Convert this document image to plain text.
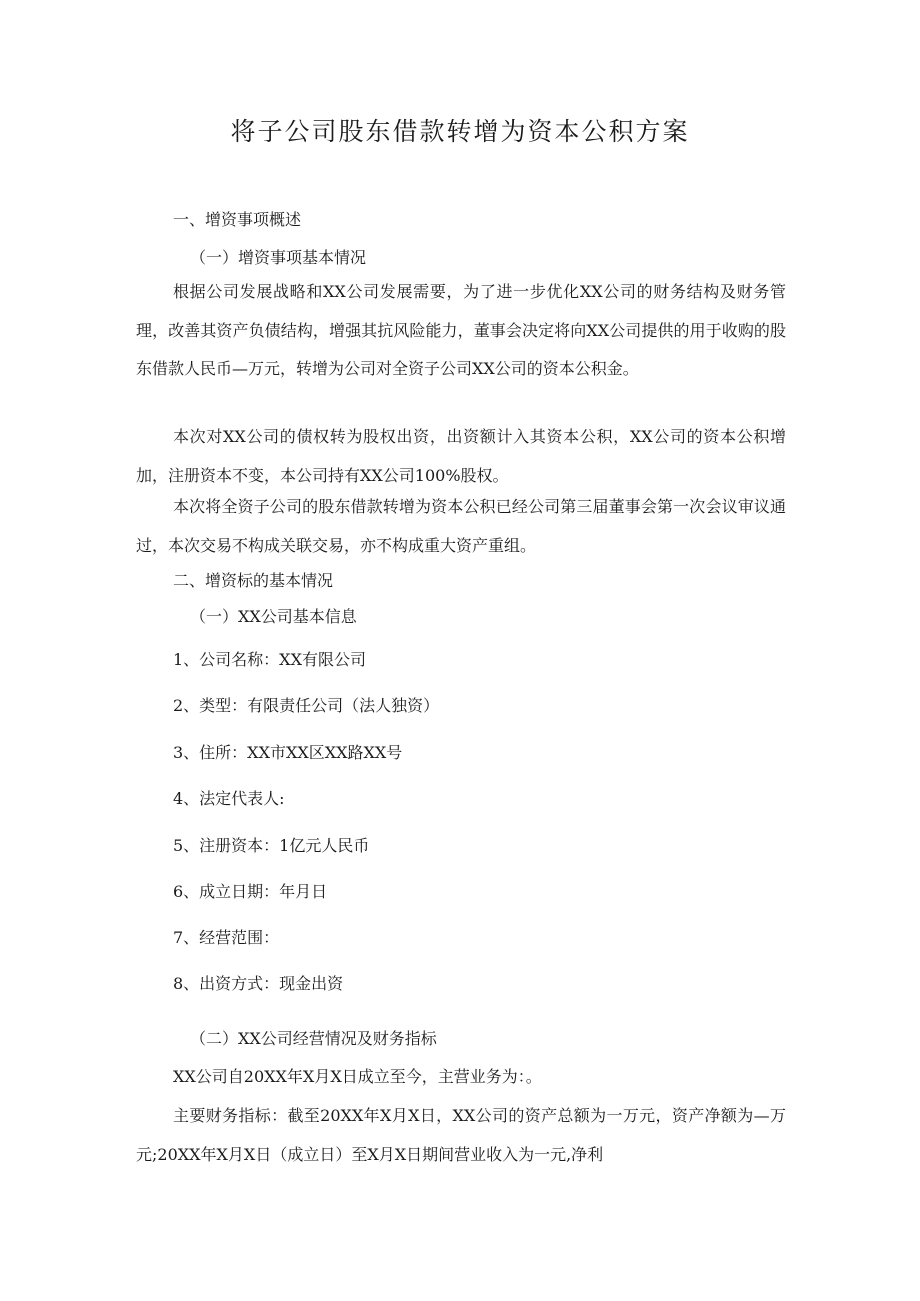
将子公司股东借款转增为资本公积方案
一、增资事项概述
（一）增资事项基本情况
根据公司发展战略和XX公司发展需要，为了进一步优化XX公司的财务结构及财务管理，改善其资产负债结构，增强其抗风险能力，董事会决定将向XX公司提供的用于收购的股东借款人民币—万元，转增为公司对全资子公司XX公司的资本公积金。
本次对XX公司的债权转为股权出资，出资额计入其资本公积，XX公司的资本公积增加，注册资本不变，本公司持有XX公司100%股权。
本次将全资子公司的股东借款转增为资本公积已经公司第三届董事会第一次会议审议通过，本次交易不构成关联交易，亦不构成重大资产重组。
二、增资标的基本情况
（一）XX公司基本信息
1、公司名称：XX有限公司
2、类型：有限责任公司（法人独资）
3、住所：XX市XX区XX路XX号
4、法定代表人:
5、注册资本：1亿元人民币
6、成立日期：年月日
7、经营范围：
8、出资方式：现金出资
（二）XX公司经营情况及财务指标
XX公司自20XX年X月X日成立至今，主营业务为：。
主要财务指标：截至20XX年X月X日，XX公司的资产总额为一万元，资产净额为—万元;20XX年X月X日（成立日）至X月X日期间营业收入为一元,净利
